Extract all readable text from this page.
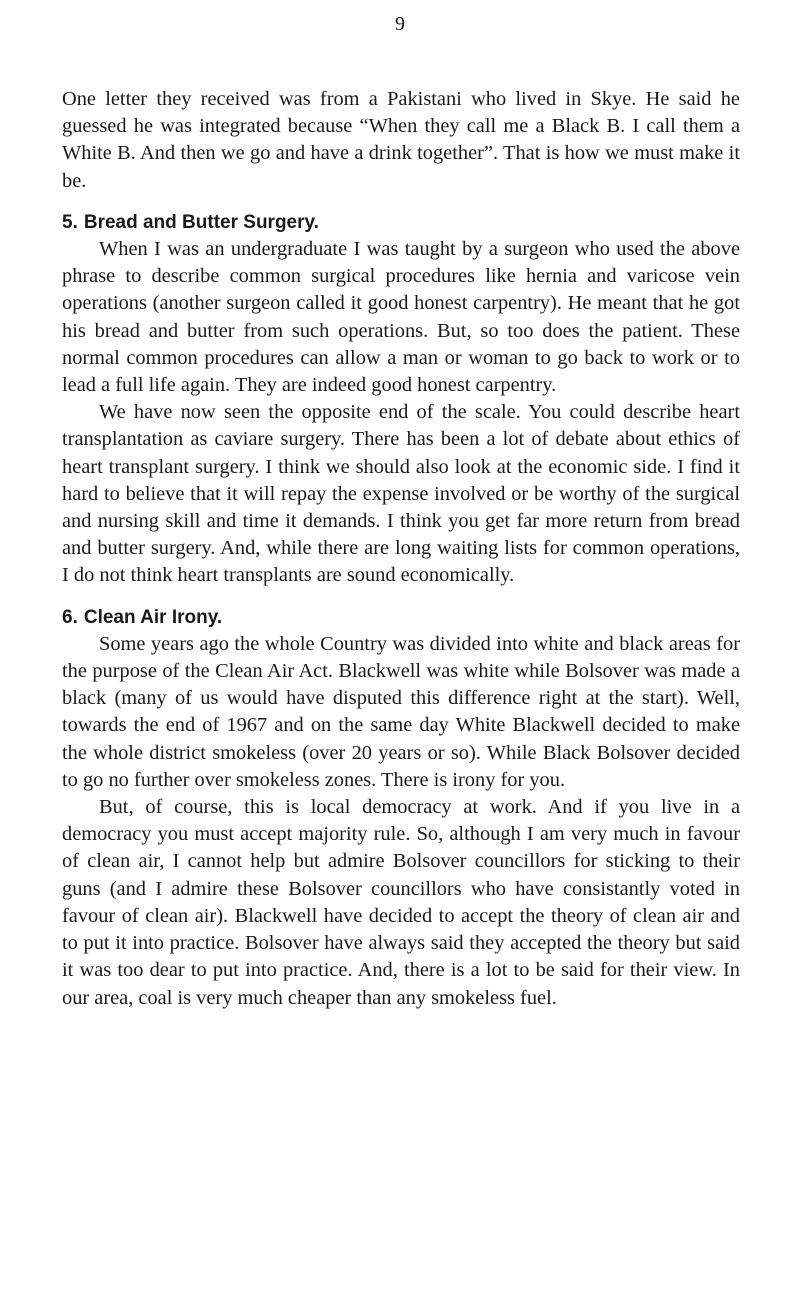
9

One letter they received was from a Pakistani who lived in Skye. He said he guessed he was integrated because “When they call me a Black B. I call them a White B. And then we go and have a drink together”. That is how we must make it be.

5. Bread and Butter Surgery.

When I was an undergraduate I was taught by a surgeon who used the above phrase to describe common surgical procedures like hernia and varicose vein operations (another surgeon called it good honest carpentry). He meant that he got his bread and butter from such operations. But, so too does the patient. These normal common procedures can allow a man or woman to go back to work or to lead a full life again. They are indeed good honest carpentry.

We have now seen the opposite end of the scale. You could describe heart transplantation as caviare surgery. There has been a lot of debate about ethics of heart transplant surgery. I think we should also look at the economic side. I find it hard to believe that it will repay the expense involved or be worthy of the surgical and nursing skill and time it demands. I think you get far more return from bread and butter surgery. And, while there are long waiting lists for common operations, I do not think heart transplants are sound economically.

6. Clean Air Irony.

Some years ago the whole Country was divided into white and black areas for the purpose of the Clean Air Act. Blackwell was white while Bolsover was made a black (many of us would have disputed this difference right at the start). Well, towards the end of 1967 and on the same day White Blackwell decided to make the whole district smokeless (over 20 years or so). While Black Bolsover decided to go no further over smokeless zones. There is irony for you.

But, of course, this is local democracy at work. And if you live in a democracy you must accept majority rule. So, although I am very much in favour of clean air, I cannot help but admire Bolsover councillors for sticking to their guns (and I admire these Bolsover councillors who have consistantly voted in favour of clean air). Blackwell have decided to accept the theory of clean air and to put it into practice. Bolsover have always said they accepted the theory but said it was too dear to put into practice. And, there is a lot to be said for their view. In our area, coal is very much cheaper than any smokeless fuel.
